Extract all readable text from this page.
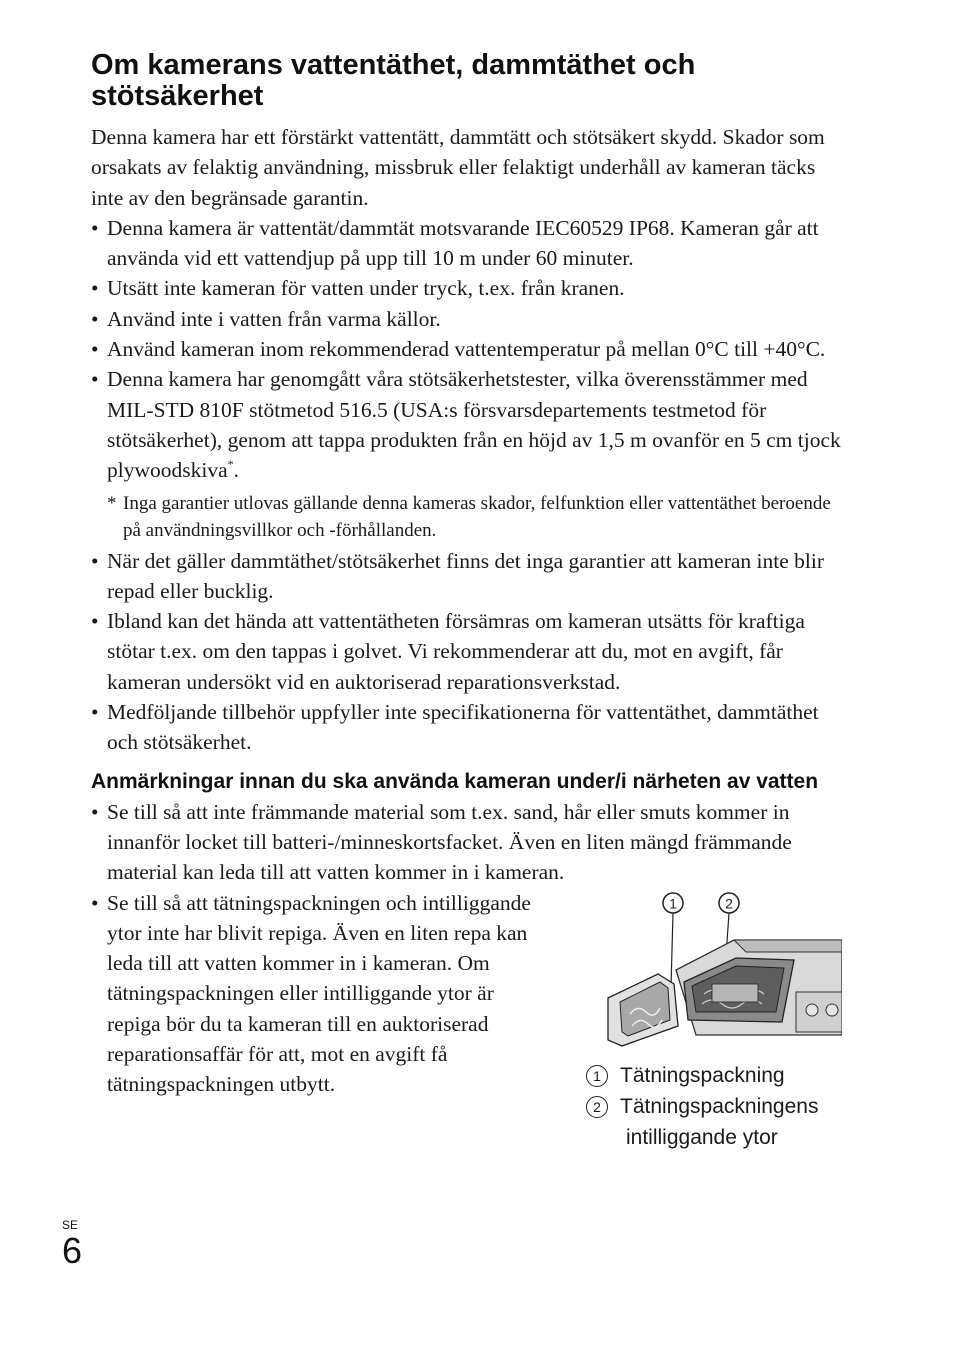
Om kamerans vattentäthet, dammtäthet och stötsäkerhet

Denna kamera har ett förstärkt vattentätt, dammtätt och stötsäkert skydd. Skador som orsakats av felaktig användning, missbruk eller felaktigt underhåll av kameran täcks inte av den begränsade garantin.

• Denna kamera är vattentät/dammtät motsvarande IEC60529 IP68. Kameran går att använda vid ett vattendjup på upp till 10 m under 60 minuter.
• Utsätt inte kameran för vatten under tryck, t.ex. från kranen.
• Använd inte i vatten från varma källor.
• Använd kameran inom rekommenderad vattentemperatur på mellan 0°C till +40°C.
• Denna kamera har genomgått våra stötsäkerhetstester, vilka överensstämmer med MIL-STD 810F stötmetod 516.5 (USA:s försvarsdepartements testmetod för stötsäkerhet), genom att tappa produkten från en höjd av 1,5 m ovanför en 5 cm tjock plywoodskiva*.
* Inga garantier utlovas gällande denna kameras skador, felfunktion eller vattentäthet beroende på användningsvillkor och -förhållanden.
• När det gäller dammtäthet/stötsäkerhet finns det inga garantier att kameran inte blir repad eller bucklig.
• Ibland kan det hända att vattentätheten försämras om kameran utsätts för kraftiga stötar t.ex. om den tappas i golvet. Vi rekommenderar att du, mot en avgift, får kameran undersökt vid en auktoriserad reparationsverkstad.
• Medföljande tillbehör uppfyller inte specifikationerna för vattentäthet, dammtäthet och stötsäkerhet.
Anmärkningar innan du ska använda kameran under/i närheten av vatten
• Se till så att inte främmande material som t.ex. sand, hår eller smuts kommer in innanför locket till batteri-/minneskortsfacket. Även en liten mängd främmande material kan leda till att vatten kommer in i kameran.
• Se till så att tätningspackningen och intilliggande ytor inte har blivit repiga. Även en liten repa kan leda till att vatten kommer in i kameran. Om tätningspackningen eller intilliggande ytor är repiga bör du ta kameran till en auktoriserad reparationsaffär för att, mot en avgift få tätningspackningen utbytt.
1	2
1 Tätningspackning
2 Tätningspackningens
intilliggande ytor
SE
6
